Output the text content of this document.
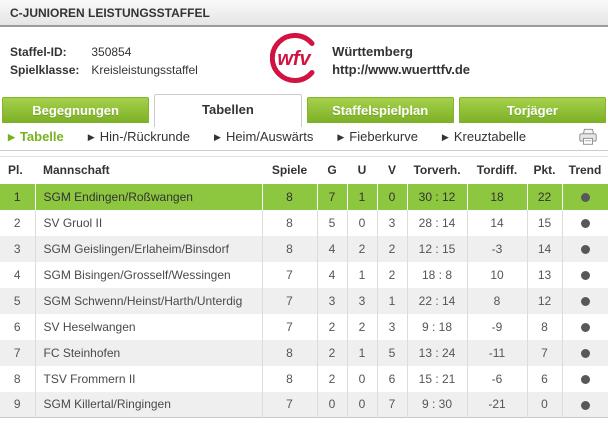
C-JUNIOREN LEISTUNGSSTAFFEL
Staffel-ID: 350854
Spielklasse: Kreisleistungsstaffel	wfv Württemberg
http://www.wuerttfv.de
Begegnungen	Tabellen	Staffelspielplan	Torjäger
▶ Tabelle	▶ Hin-/Rückrunde	▶ Heim/Auswärts	▶ Fieberkurve	▶ Kreuztabelle
Pl.	Mannschaft	Spiele	G	U	V	Torverh.	Tordiff.	Pkt.	Trend
1	SGM Endingen/Roßwangen	8	7	1	0	30 : 12	18	22	
2	SV Gruol II	8	5	0	3	28 : 14	14	15	
3	SGM Geislingen/Erlaheim/Binsdorf	8	4	2	2	12 : 15	-3	14	
4	SGM Bisingen/Grosself/Wessingen	7	4	1	2	18 : 8	10	13	
5	SGM Schwenn/Heinst/Harth/Unterdig	7	3	3	1	22 : 14	8	12	
6	SV Heselwangen	7	2	2	3	9 : 18	-9	8	
7	FC Steinhofen	8	2	1	5	13 : 24	-11	7	
8	TSV Frommern II	8	2	0	6	15 : 21	-6	6	
9	SGM Killertal/Ringingen	7	0	0	7	9 : 30	-21	0	
